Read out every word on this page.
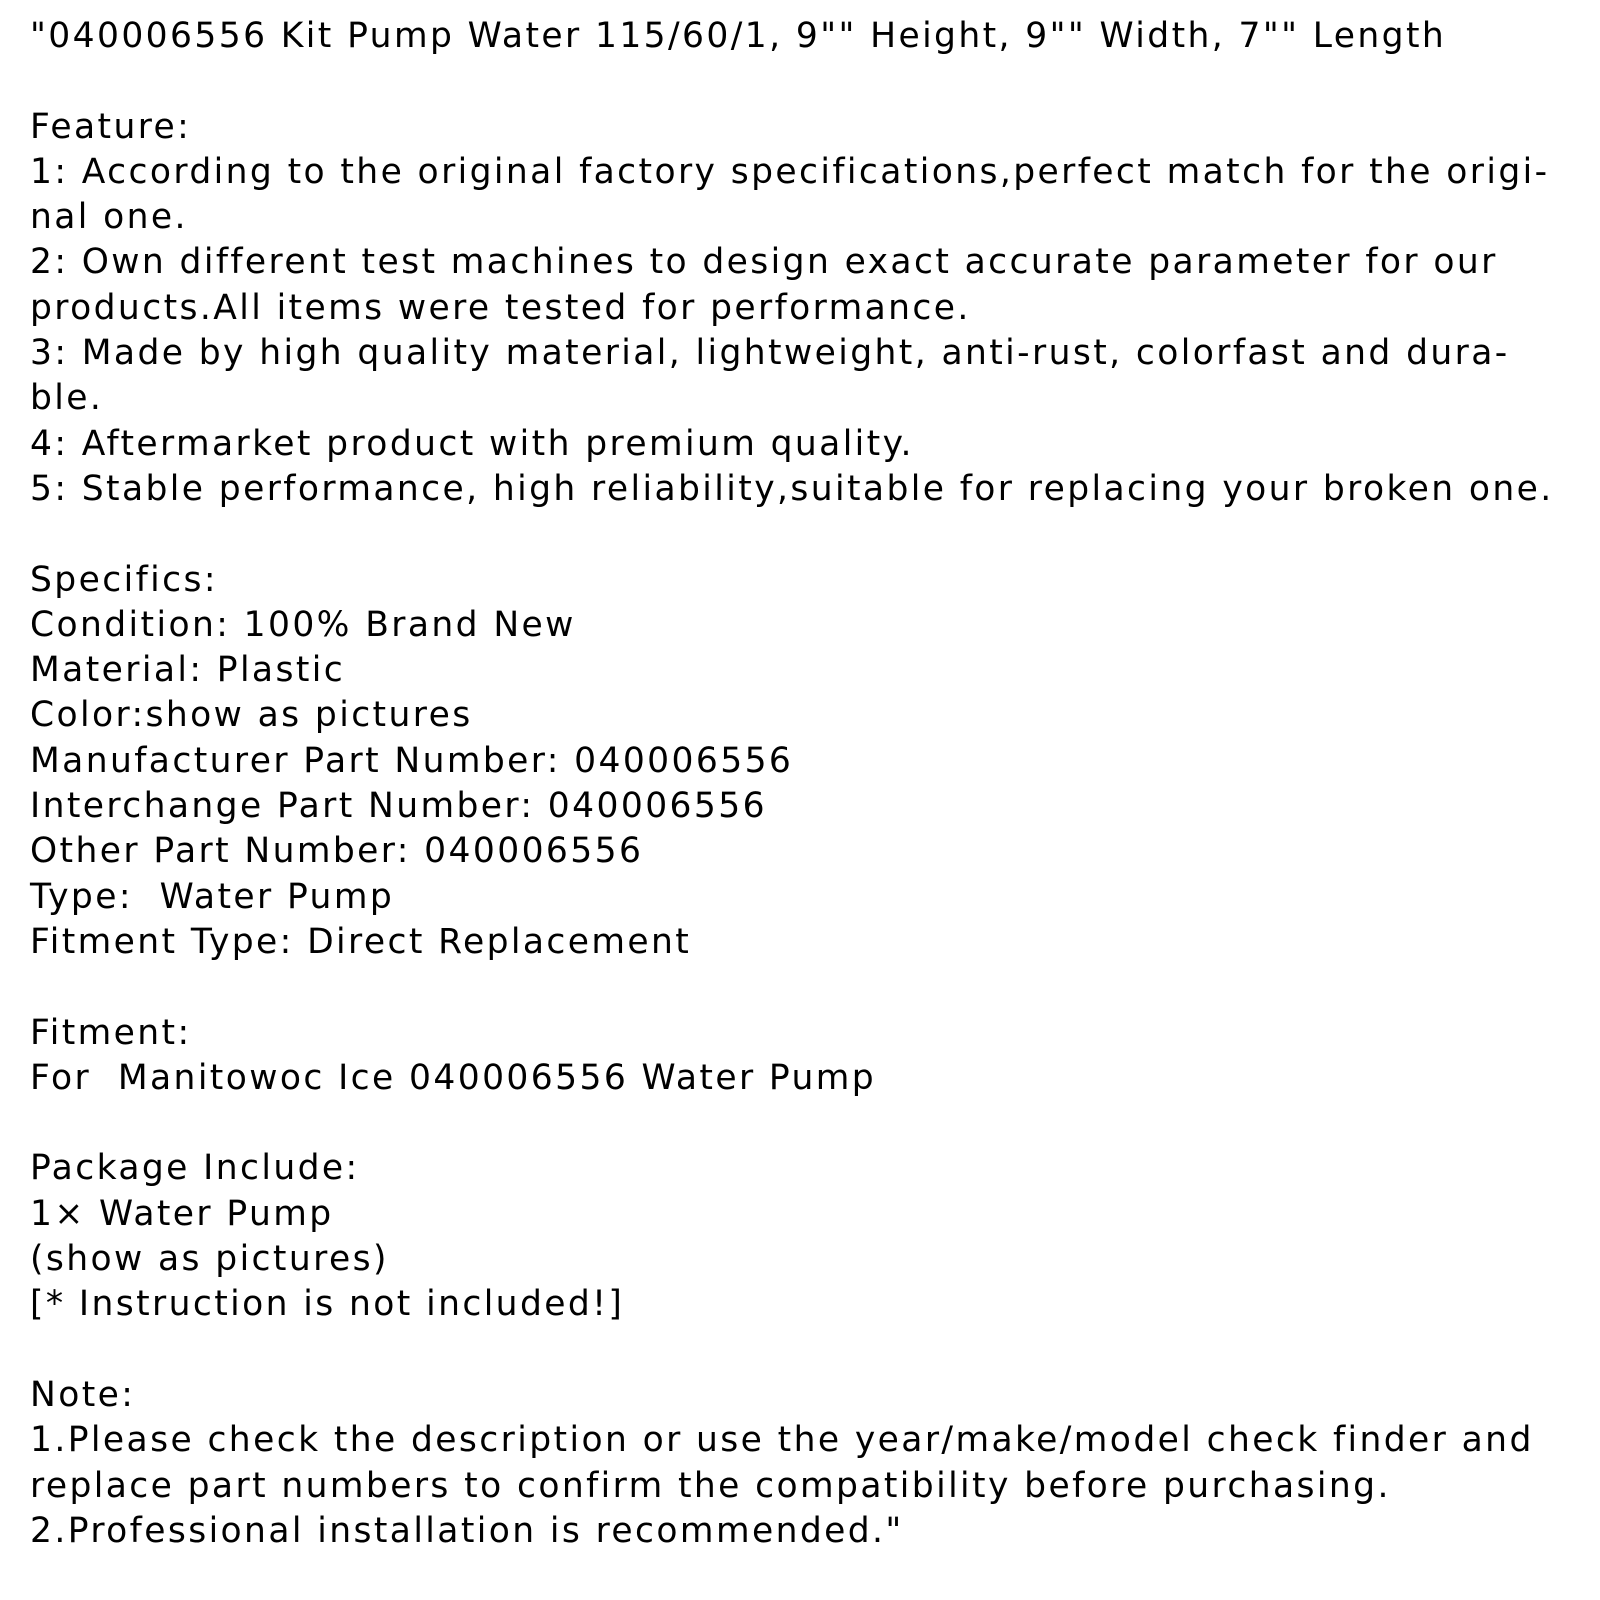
"040006556 Kit Pump Water 115/60/1, 9"" Height, 9"" Width, 7"" Length
Feature:
1: According to the original factory specifications,perfect match for the origi-
nal one.
2: Own different test machines to design exact accurate parameter for our
products.All items were tested for performance.
3: Made by high quality material, lightweight, anti-rust, colorfast and dura-
ble.
4: Aftermarket product with premium quality.
5: Stable performance, high reliability,suitable for replacing your broken one.
Specifics:
Condition: 100% Brand New
Material: Plastic
Color:show as pictures
Manufacturer Part Number: 040006556
Interchange Part Number: 040006556
Other Part Number: 040006556
Type:  Water Pump
Fitment Type: Direct Replacement
Fitment:
For  Manitowoc Ice 040006556 Water Pump
Package Include:
1× Water Pump
(show as pictures)
[* Instruction is not included!]
Note:
1.Please check the description or use the year/make/model check finder and
replace part numbers to confirm the compatibility before purchasing.
2.Professional installation is recommended."
